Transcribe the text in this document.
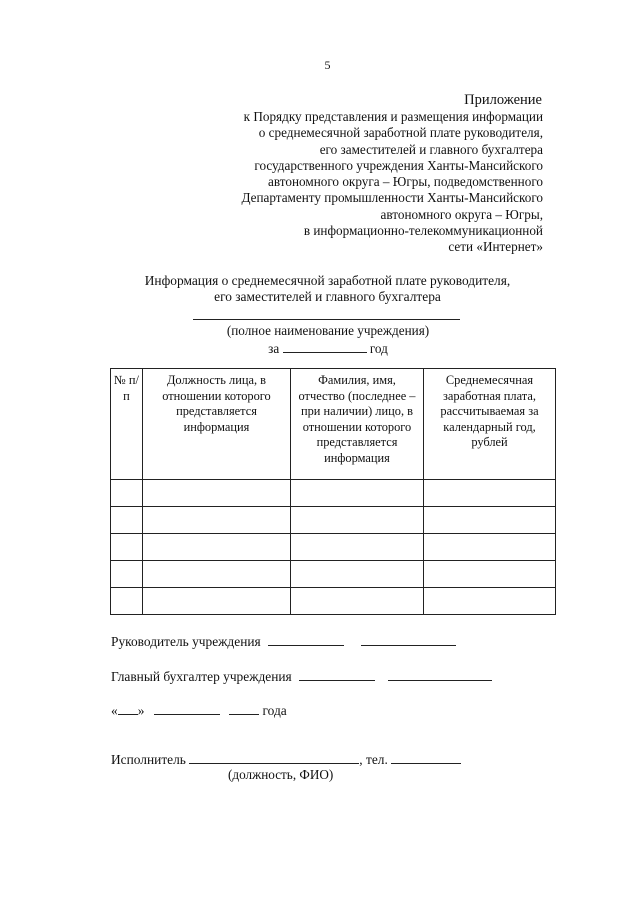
5
Приложение
к Порядку представления и размещения информации
о среднемесячной заработной плате руководителя,
его заместителей и главного бухгалтера
государственного учреждения Ханты-Мансийского
автономного округа – Югры, подведомственного
Департаменту промышленности Ханты-Мансийского
автономного округа – Югры,
в информационно-телекоммуникационной
сети «Интернет»
Информация о среднемесячной заработной плате руководителя,
его заместителей и главного бухгалтера
(полное наименование учреждения)
за	год
№ п/п	Должность лица, в отношении которого представляется информация	Фамилия, имя, отчество (последнее – при наличии) лицо, в отношении которого представляется информация	Среднемесячная заработная плата, рассчитываемая за календарный год, рублей

Руководитель учреждения
Главный бухгалтер учреждения
« »	года
Исполнитель	, тел.
(должность, ФИО)
